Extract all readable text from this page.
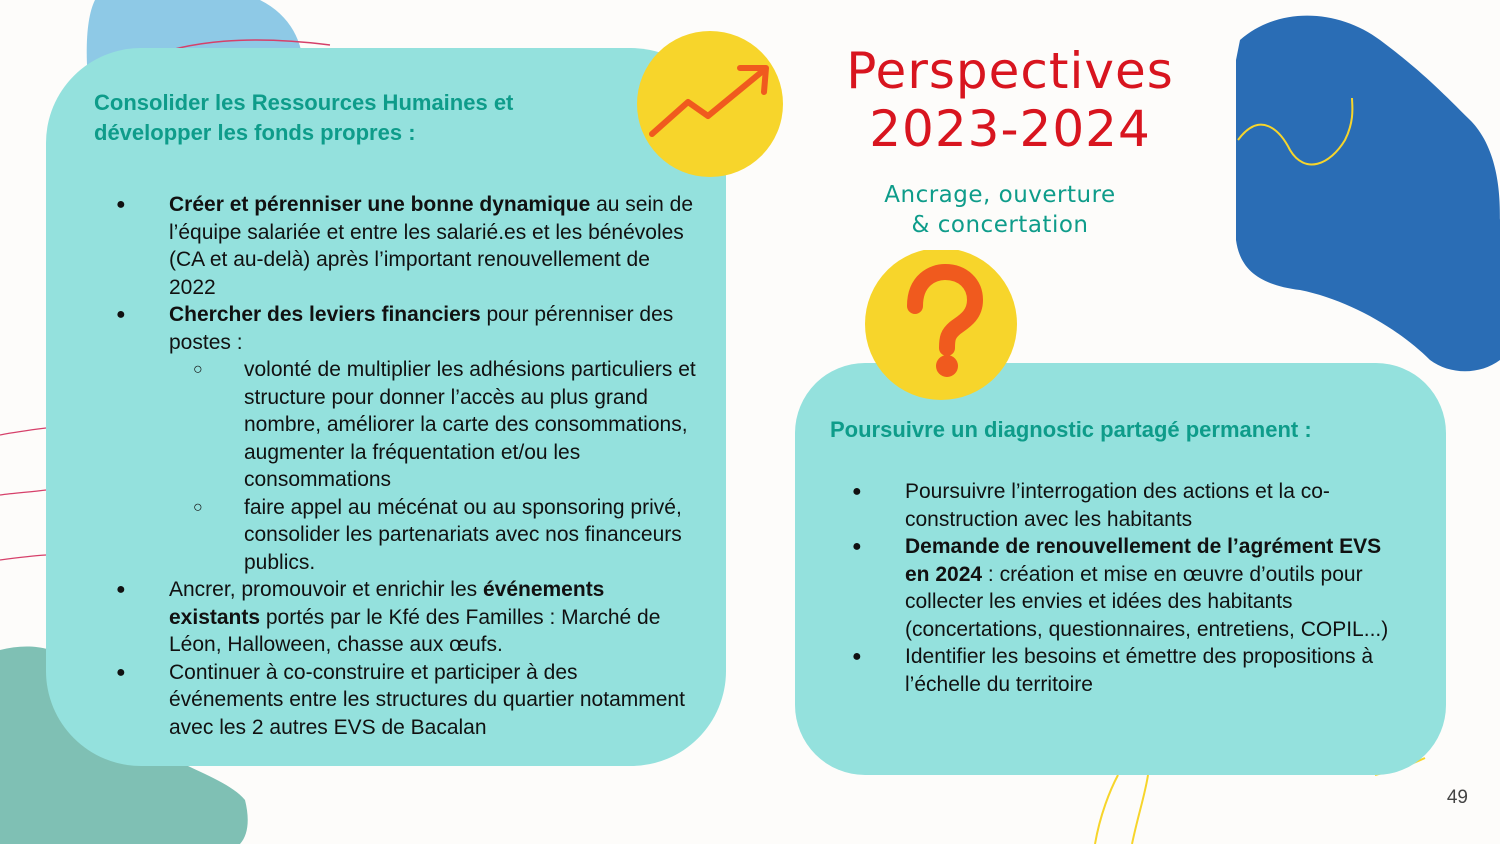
Consolider les Ressources Humaines et
développer les fonds propres :

● Créer et pérenniser une bonne dynamique au sein de l’équipe salariée et entre les salarié.es et les bénévoles (CA et au-delà) après l’important renouvellement de 2022
● Chercher des leviers financiers pour pérenniser des postes :
○ volonté de multiplier les adhésions particuliers et structure pour donner l’accès au plus grand nombre, améliorer la carte des consommations, augmenter la fréquentation et/ou les consommations
○ faire appel au mécénat ou au sponsoring privé, consolider les partenariats avec nos financeurs publics.
● Ancrer, promouvoir et enrichir les événements existants portés par le Kfé des Familles : Marché de Léon, Halloween, chasse aux œufs.
● Continuer à co-construire et participer à des événements entre les structures du quartier notamment avec les 2 autres EVS de Bacalan
Perspectives
2023-2024
Ancrage, ouverture
& concertation

Poursuivre un diagnostic partagé permanent :

● Poursuivre l’interrogation des actions et la co-construction avec les habitants
● Demande de renouvellement de l’agrément EVS en 2024 : création et mise en œuvre d’outils pour collecter les envies et idées des habitants (concertations, questionnaires, entretiens, COPIL...)
● Identifier les besoins et émettre des propositions à l’échelle du territoire
49
